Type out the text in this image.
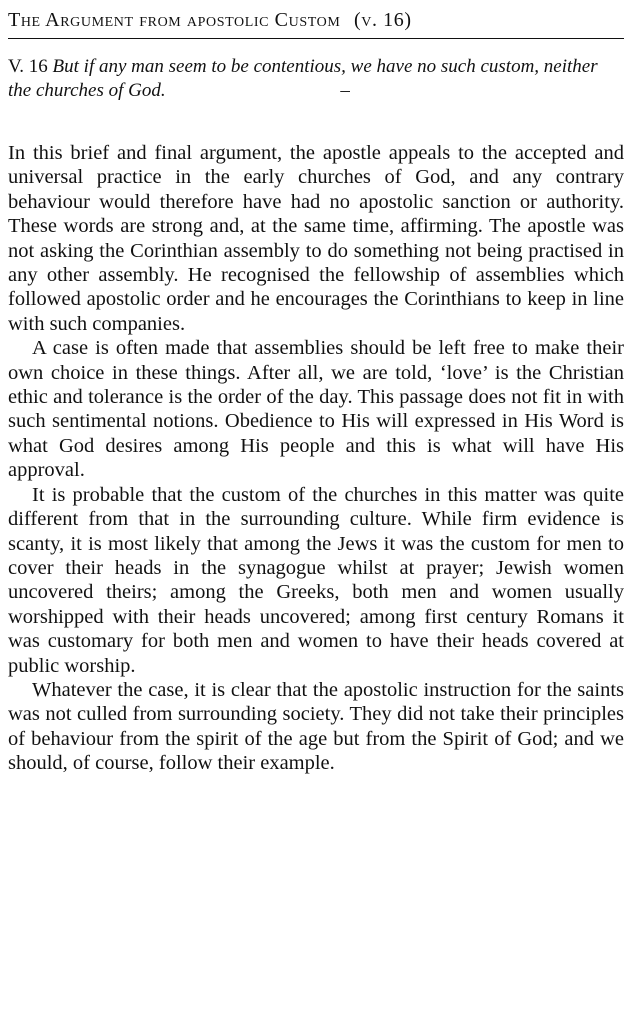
The Argument from apostolic Custom (v. 16)

V. 16 But if any man seem to be contentious, we have no such custom, neither the churches of God.	–

In this brief and final argument, the apostle appeals to the accepted and universal practice in the early churches of God, and any contrary behaviour would therefore have had no apostolic sanction or authority. These words are strong and, at the same time, affirming. The apostle was not asking the Corinthian assembly to do something not being practised in any other assembly. He recognised the fellowship of assemblies which followed apostolic order and he encourages the Corinthians to keep in line with such companies.

A case is often made that assemblies should be left free to make their own choice in these things. After all, we are told, ‘love’ is the Christian ethic and tolerance is the order of the day. This passage does not fit in with such sentimental notions. Obedience to His will expressed in His Word is what God desires among His people and this is what will have His approval.

It is probable that the custom of the churches in this matter was quite different from that in the surrounding culture. While firm evidence is scanty, it is most likely that among the Jews it was the custom for men to cover their heads in the synagogue whilst at prayer; Jewish women uncovered theirs; among the Greeks, both men and women usually worshipped with their heads uncovered; among first century Romans it was customary for both men and women to have their heads covered at public worship.

Whatever the case, it is clear that the apostolic instruction for the saints was not culled from surrounding society. They did not take their principles of behaviour from the spirit of the age but from the Spirit of God; and we should, of course, follow their example.
